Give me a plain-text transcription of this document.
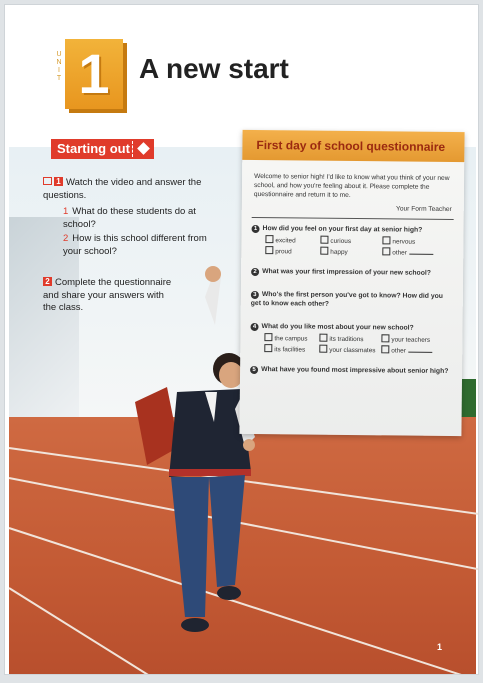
U
N
I
T 1	A new start
Starting out
1 Watch the video and answer the questions.
1 What do these students do at school?
2 How is this school different from your school?
2 Complete the questionnaire and share your answers with the class.
First day of school questionnaire
Welcome to senior high! I'd like to know what you think of your new school, and how you're feeling about it. Please complete the questionnaire and return it to me.
Your Form Teacher
1 How did you feel on your first day at senior high?
excited	curious	nervous
proud	happy	other
2 What was your first impression of your new school?
3 Who's the first person you've got to know? How did you get to know each other?
4 What do you like most about your new school?
the campus	its traditions	your teachers
its facilities	your classmates	other
5 What have you found most impressive about senior high?
1
